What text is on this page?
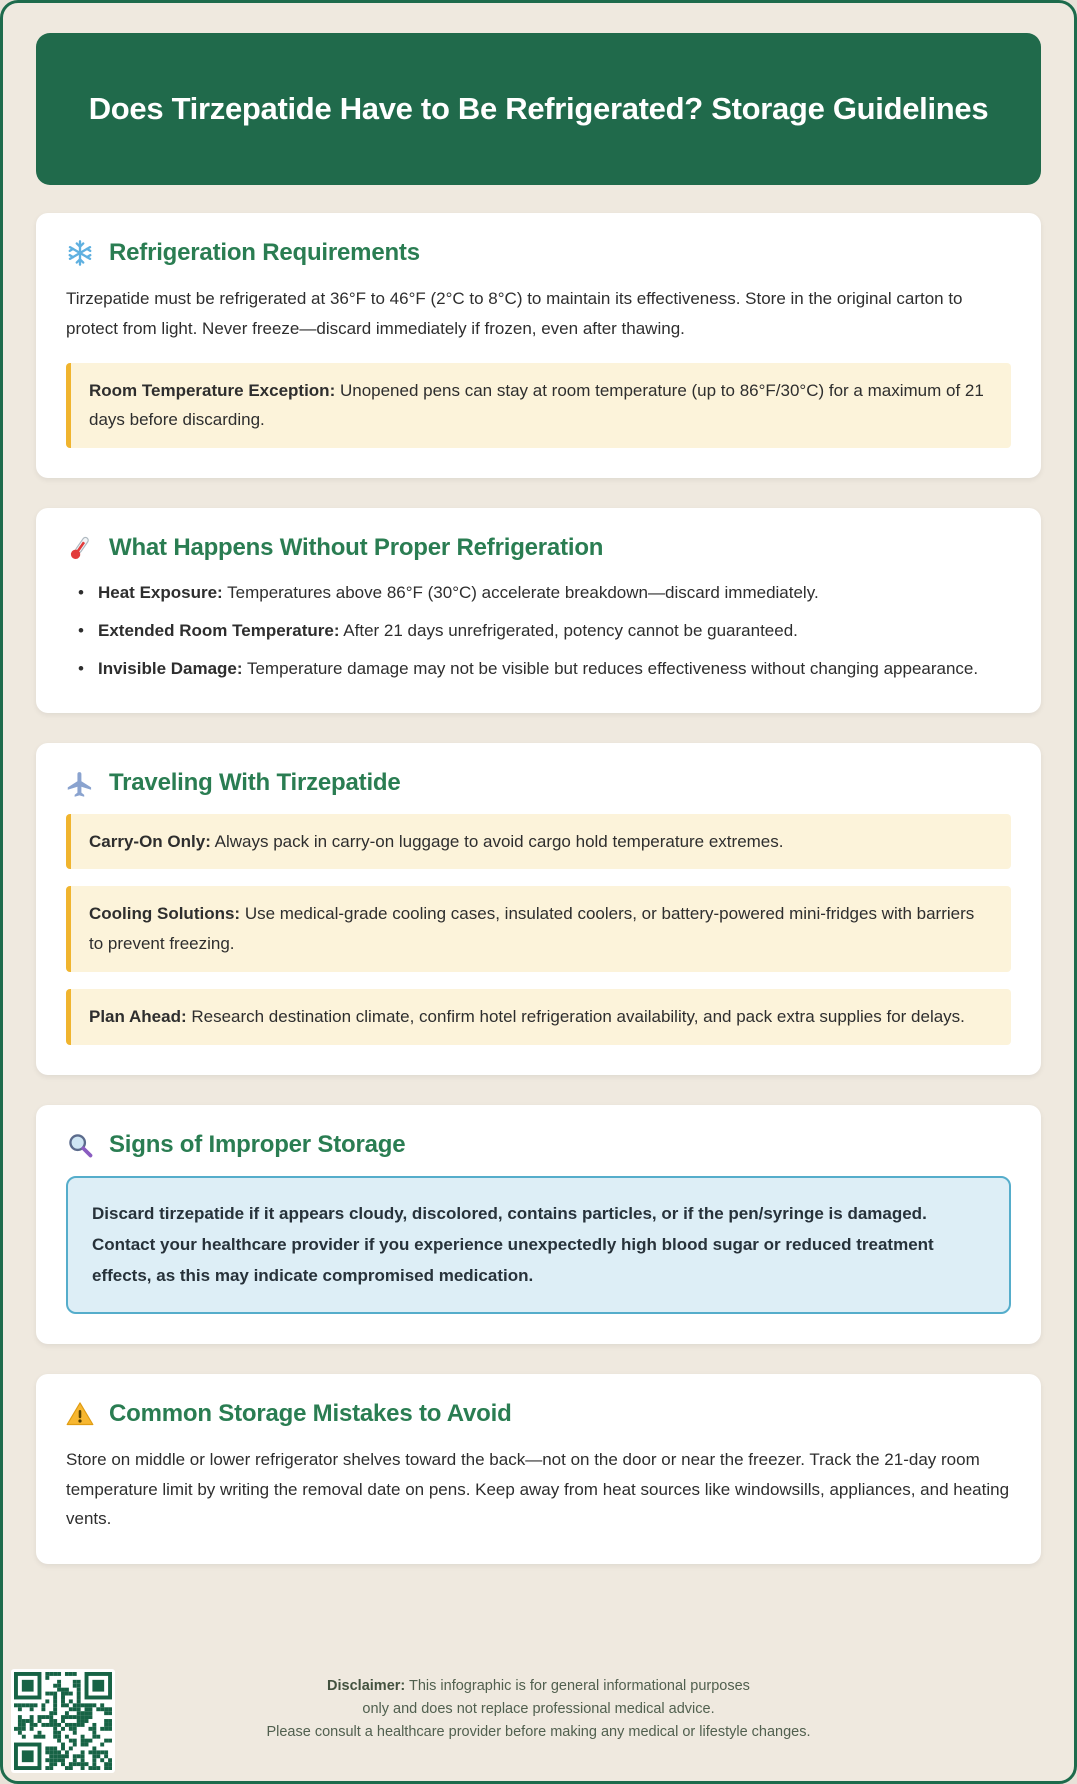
Does Tirzepatide Have to Be Refrigerated? Storage Guidelines
Refrigeration Requirements

Tirzepatide must be refrigerated at 36°F to 46°F (2°C to 8°C) to maintain its effectiveness. Store in the original carton to protect from light. Never freeze—discard immediately if frozen, even after thawing.

Room Temperature Exception: Unopened pens can stay at room temperature (up to 86°F/30°C) for a maximum of 21 days before discarding.
What Happens Without Proper Refrigeration
• Heat Exposure: Temperatures above 86°F (30°C) accelerate breakdown—discard immediately.
• Extended Room Temperature: After 21 days unrefrigerated, potency cannot be guaranteed.
• Invisible Damage: Temperature damage may not be visible but reduces effectiveness without changing appearance.
Traveling With Tirzepatide
Carry-On Only: Always pack in carry-on luggage to avoid cargo hold temperature extremes.
Cooling Solutions: Use medical-grade cooling cases, insulated coolers, or battery-powered mini-fridges with barriers to prevent freezing.
Plan Ahead: Research destination climate, confirm hotel refrigeration availability, and pack extra supplies for delays.
Signs of Improper Storage
Discard tirzepatide if it appears cloudy, discolored, contains particles, or if the pen/syringe is damaged. Contact your healthcare provider if you experience unexpectedly high blood sugar or reduced treatment effects, as this may indicate compromised medication.
Common Storage Mistakes to Avoid

Store on middle or lower refrigerator shelves toward the back—not on the door or near the freezer. Track the 21-day room temperature limit by writing the removal date on pens. Keep away from heat sources like windowsills, appliances, and heating vents.

Disclaimer: This infographic is for general informational purposes
only and does not replace professional medical advice.
Please consult a healthcare provider before making any medical or lifestyle changes.
